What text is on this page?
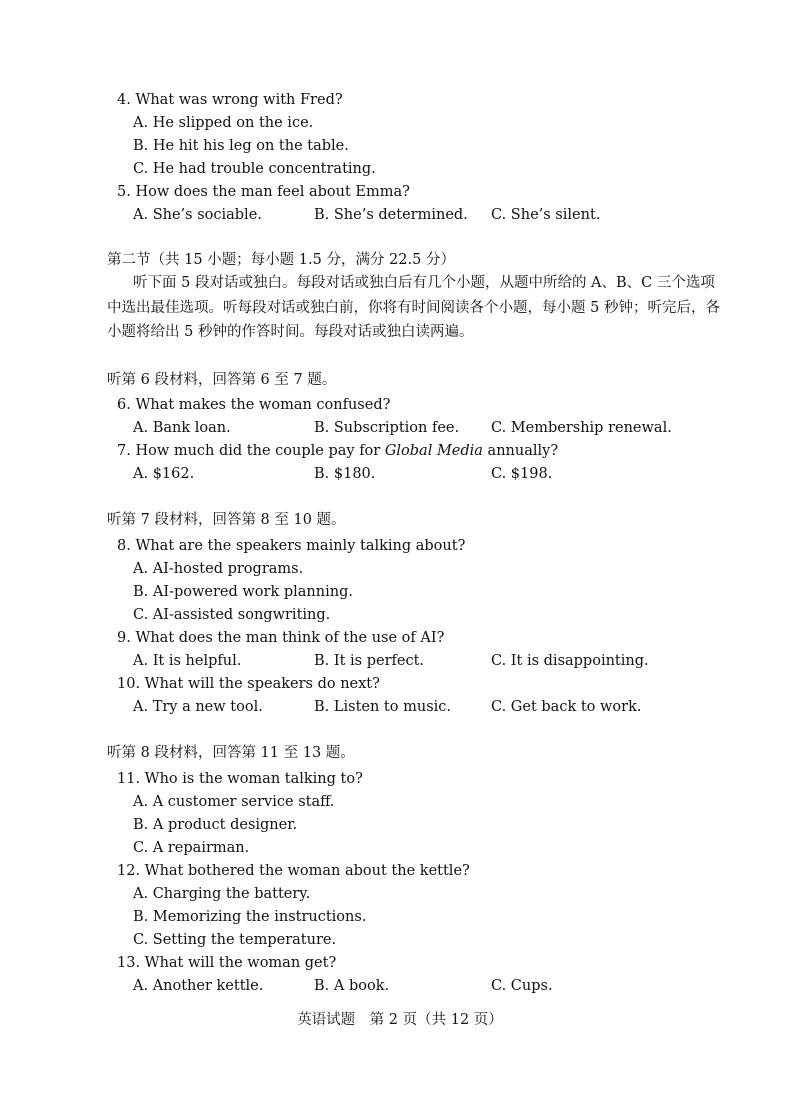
4. What was wrong with Fred?
A. He slipped on the ice.
B. He hit his leg on the table.
C. He had trouble concentrating.
5. How does the man feel about Emma?
A. She’s sociable.	B. She’s determined. C. She’s silent.
第二节（共 15 小题；每小题 1.5 分，满分 22.5 分）
听下面 5 段对话或独白。每段对话或独白后有几个小题，从题中所给的 A、B、C 三个选项中选出最佳选项。听每段对话或独白前，你将有时间阅读各个小题，每小题 5 秒钟；听完后，各小题将给出 5 秒钟的作答时间。每段对话或独白读两遍。
听第 6 段材料，回答第 6 至 7 题。
6. What makes the woman confused?
A. Bank loan.	B. Subscription fee. C. Membership renewal.
7. How much did the couple pay for Global Media annually?
A. $162.	B. $180.	C. $198.
听第 7 段材料，回答第 8 至 10 题。
8. What are the speakers mainly talking about?
A. AI-hosted programs.
B. AI-powered work planning.
C. AI-assisted songwriting.
9. What does the man think of the use of AI?
A. It is helpful.	B. It is perfect.	C. It is disappointing.
10. What will the speakers do next?
A. Try a new tool.	B. Listen to music.	C. Get back to work.
听第 8 段材料，回答第 11 至 13 题。
11. Who is the woman talking to?
A. A customer service staff.
B. A product designer.
C. A repairman.
12. What bothered the woman about the kettle?
A. Charging the battery.
B. Memorizing the instructions.
C. Setting the temperature.
13. What will the woman get?
A. Another kettle.	B. A book.	C. Cups.
英语试题　第 2 页（共 12 页）
